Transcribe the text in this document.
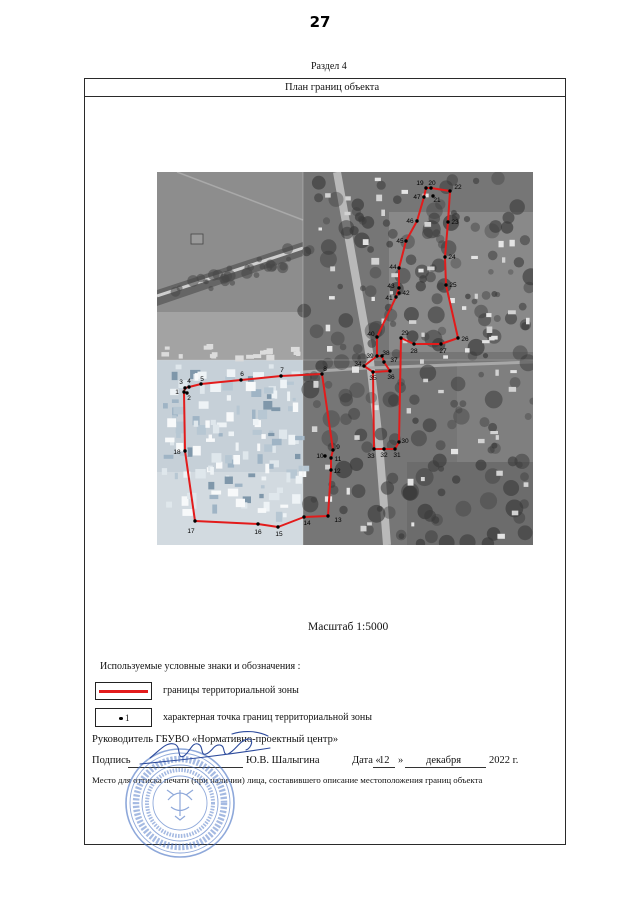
27
Раздел 4
План границ объекта
1
2
3 4 5
6
7	8
9
10 11
12
13
14
15
16
17
18
19 20
21
22
23
24
25
26
27
28
29
30
31
32
33
34
35 36
37
38
39
40
41
42
43
44
45
46
47
Масштаб 1:5000
Используемые условные знаки и обозначения :
границы территориальной зоны
1	характерная точка границ территориальной зоны
Руководитель ГБУВО «Нормативно-проектный центр»
Подпись	Ю.В. Шалыгина	Дата «
12 » декабря	2022 г.
Место для оттиска печати (при наличии) лица, составившего описание местоположения границ объекта
